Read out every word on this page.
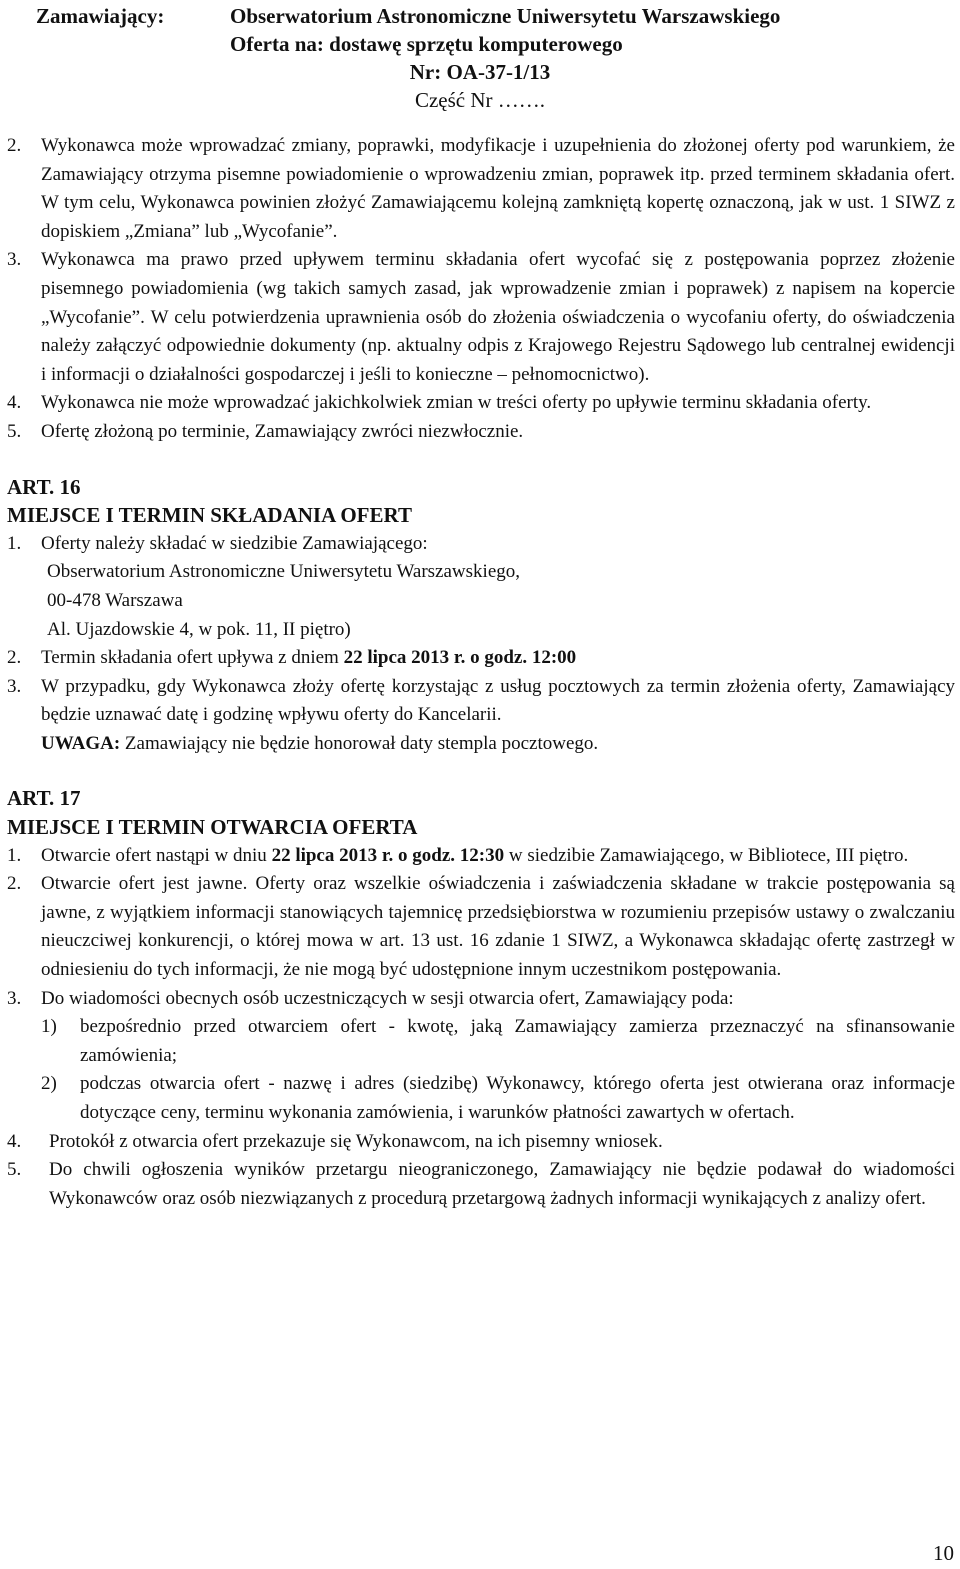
Zamawiający:	Obserwatorium Astronomiczne Uniwersytetu Warszawskiego
Oferta na: dostawę sprzętu komputerowego
Nr: OA-37-1/13
Część Nr …….
2. Wykonawca może wprowadzać zmiany, poprawki, modyfikacje i uzupełnienia do złożonej oferty pod warunkiem, że Zamawiający otrzyma pisemne powiadomienie o wprowadzeniu zmian, poprawek itp. przed terminem składania ofert. W tym celu, Wykonawca powinien złożyć Zamawiającemu kolejną zamkniętą kopertę oznaczoną, jak w ust. 1 SIWZ z dopiskiem „Zmiana” lub „Wycofanie”.
3. Wykonawca ma prawo przed upływem terminu składania ofert wycofać się z postępowania poprzez złożenie pisemnego powiadomienia (wg takich samych zasad, jak wprowadzenie zmian i poprawek) z napisem na kopercie „Wycofanie”. W celu potwierdzenia uprawnienia osób do złożenia oświadczenia o wycofaniu oferty, do oświadczenia należy załączyć odpowiednie dokumenty (np. aktualny odpis z Krajowego Rejestru Sądowego lub centralnej ewidencji i informacji o działalności gospodarczej i jeśli to konieczne – pełnomocnictwo).
4. Wykonawca nie może wprowadzać jakichkolwiek zmian w treści oferty po upływie terminu składania oferty.
5. Ofertę złożoną po terminie, Zamawiający zwróci niezwłocznie.
ART. 16
MIEJSCE I TERMIN SKŁADANIA OFERT
1. Oferty należy składać w siedzibie Zamawiającego:
Obserwatorium Astronomiczne Uniwersytetu Warszawskiego,
00-478 Warszawa
Al. Ujazdowskie 4, w pok. 11, II piętro)
2. Termin składania ofert upływa z dniem 22 lipca 2013 r. o godz. 12:00
3. W przypadku, gdy Wykonawca złoży ofertę korzystając z usług pocztowych za termin złożenia oferty, Zamawiający będzie uznawać datę i godzinę wpływu oferty do Kancelarii.
UWAGA: Zamawiający nie będzie honorował daty stempla pocztowego.
ART. 17
MIEJSCE I TERMIN OTWARCIA OFERTA
1. Otwarcie ofert nastąpi w dniu 22 lipca 2013 r. o godz. 12:30 w siedzibie Zamawiającego, w Bibliotece, III piętro.
2. Otwarcie ofert jest jawne. Oferty oraz wszelkie oświadczenia i zaświadczenia składane w trakcie postępowania są jawne, z wyjątkiem informacji stanowiących tajemnicę przedsiębiorstwa w rozumieniu przepisów ustawy o zwalczaniu nieuczciwej konkurencji, o której mowa w art. 13 ust. 16 zdanie 1 SIWZ, a Wykonawca składając ofertę zastrzegł w odniesieniu do tych informacji, że nie mogą być udostępnione innym uczestnikom postępowania.
3. Do wiadomości obecnych osób uczestniczących w sesji otwarcia ofert, Zamawiający poda:
1) bezpośrednio przed otwarciem ofert - kwotę, jaką Zamawiający zamierza przeznaczyć na sfinansowanie zamówienia;
2) podczas otwarcia ofert - nazwę i adres (siedzibę) Wykonawcy, którego oferta jest otwierana oraz informacje dotyczące ceny, terminu wykonania zamówienia, i warunków płatności zawartych w ofertach.
4. Protokół z otwarcia ofert przekazuje się Wykonawcom, na ich pisemny wniosek.
5. Do chwili ogłoszenia wyników przetargu nieograniczonego, Zamawiający nie będzie podawał do wiadomości Wykonawców oraz osób niezwiązanych z procedurą przetargową żadnych informacji wynikających z analizy ofert.
10
